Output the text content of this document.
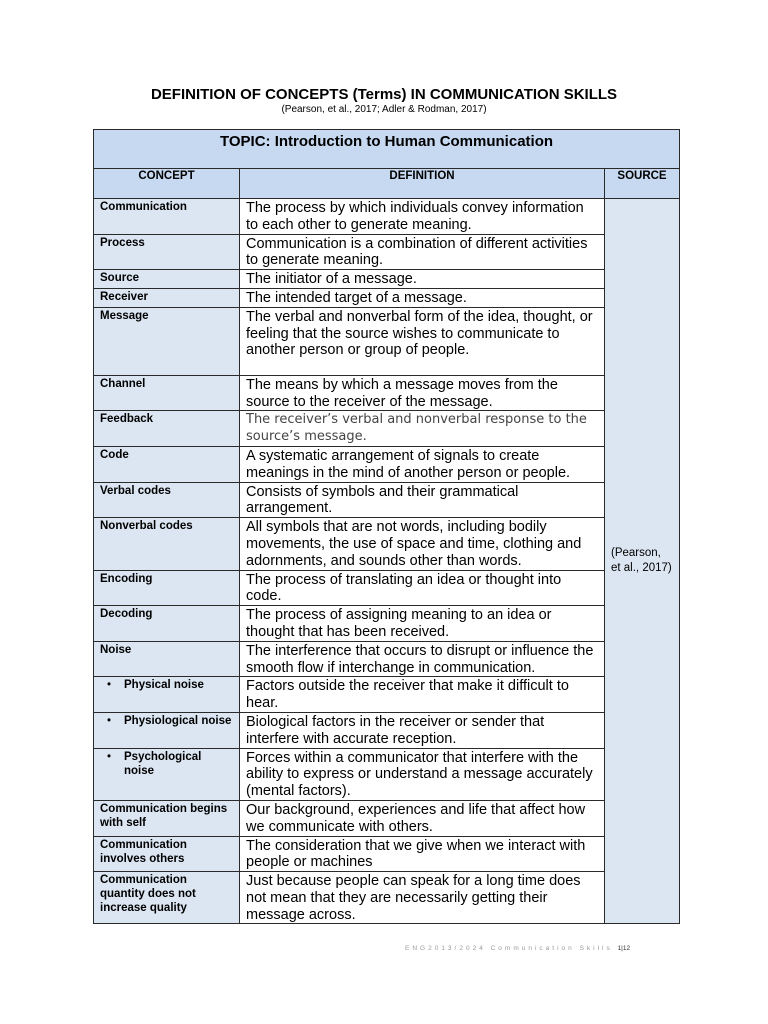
DEFINITION OF CONCEPTS (Terms) IN COMMUNICATION SKILLS
(Pearson, et al., 2017; Adler & Rodman, 2017)
TOPIC: Introduction to Human Communication		
CONCEPT	DEFINITION	SOURCE
Communication	The process by which individuals convey information to each other to generate meaning.	(Pearson, et al., 2017)
Process	Communication is a combination of different activities to generate meaning.	
Source	The initiator of a message.	
Receiver	The intended target of a message.	
Message	The verbal and nonverbal form of the idea, thought, or feeling that the source wishes to communicate to another person or group of people.	
Channel	The means by which a message moves from the source to the receiver of the message.	
Feedback	The receiver’s verbal and nonverbal response to the source’s message.	
Code	A systematic arrangement of signals to create meanings in the mind of another person or people.	
Verbal codes	Consists of symbols and their grammatical arrangement.	
Nonverbal codes	All symbols that are not words, including bodily movements, the use of space and time, clothing and adornments, and sounds other than words.	
Encoding	The process of translating an idea or thought into code.	
Decoding	The process of assigning meaning to an idea or thought that has been received.	
Noise	The interference that occurs to disrupt or influence the smooth flow if interchange in communication.	

• Physical noise	Factors outside the receiver that make it difficult to hear.	

• Physiological noise	Biological factors in the receiver or sender that interfere with accurate reception.	

• Psychological noise	Forces within a communicator that interfere with the ability to express or understand a message accurately (mental factors).	
Communication begins with self	Our background, experiences and life that affect how we communicate with others.	
Communication involves others	The consideration that we give when we interact with people or machines	
Communication quantity does not increase quality	Just because people can speak for a long time does not mean that they are necessarily getting their message across.	
ENG2013/2024 Communication Skills 1|12
